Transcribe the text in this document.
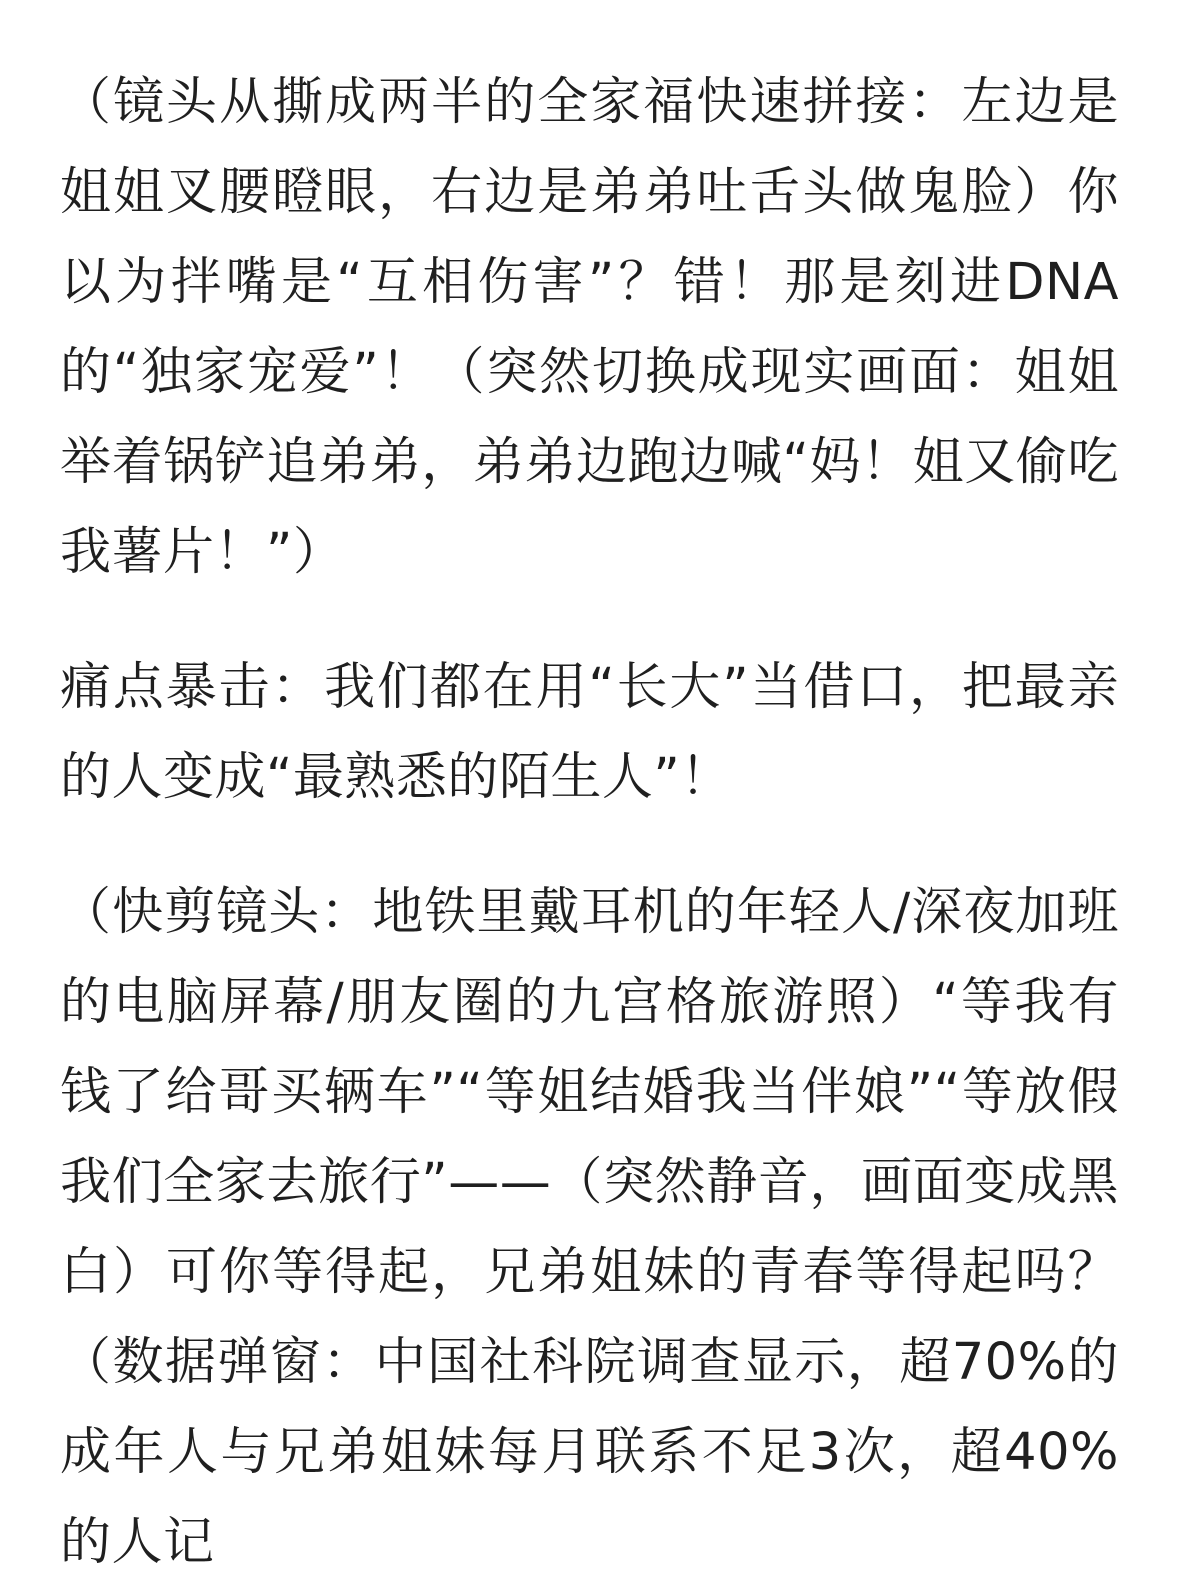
（镜头从撕成两半的全家福快速拼接：左边是姐姐叉腰瞪眼，右边是弟弟吐舌头做鬼脸）你以为拌嘴是“互相伤害”？错！那是刻进DNA的“独家宠爱”！（突然切换成现实画面：姐姐举着锅铲追弟弟，弟弟边跑边喊“妈！姐又偷吃我薯片！”）

痛点暴击：我们都在用“长大”当借口，把最亲的人变成“最熟悉的陌生人”！

（快剪镜头：地铁里戴耳机的年轻人/深夜加班的电脑屏幕/朋友圈的九宫格旅游照）“等我有钱了给哥买辆车”“等姐结婚我当伴娘”“等放假我们全家去旅行”——（突然静音，画面变成黑白）可你等得起，兄弟姐妹的青春等得起吗？（数据弹窗：中国社科院调查显示，超70%的成年人与兄弟姐妹每月联系不足3次，超40%的人记
